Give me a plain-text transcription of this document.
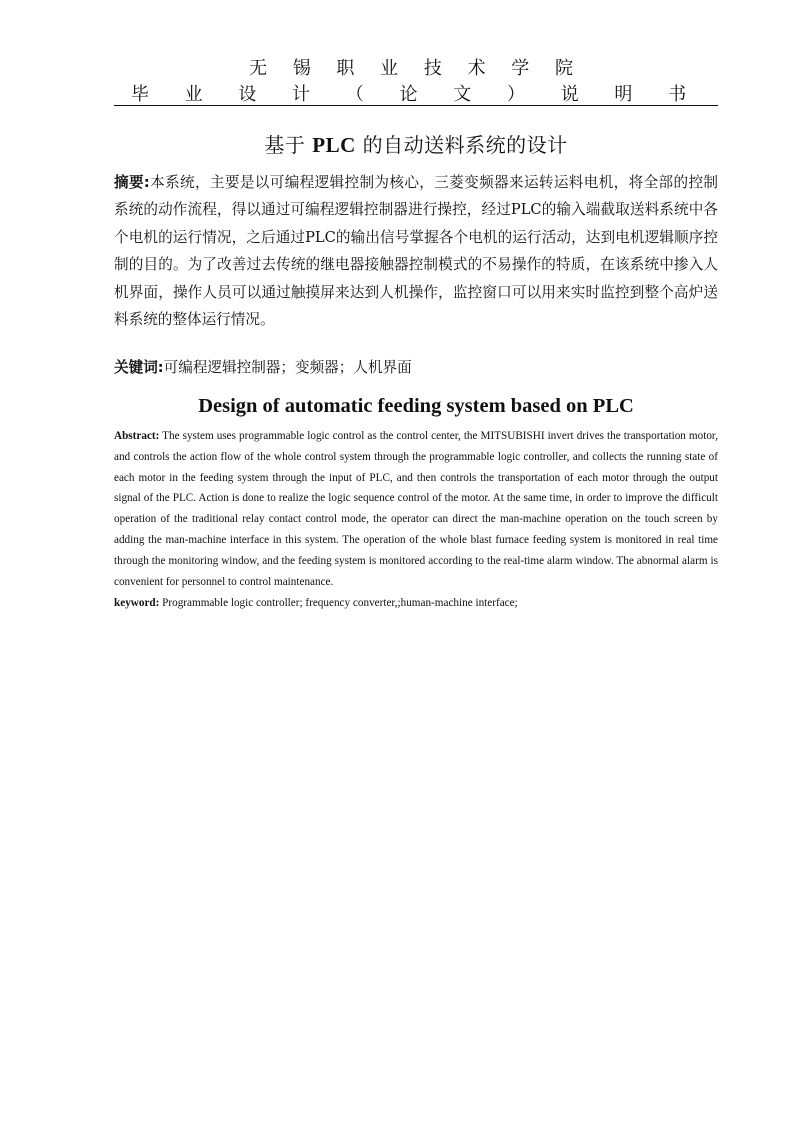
无 锡 职 业 技 术 学 院
毕 业 设 计 （ 论 文 ） 说 明 书
基于 PLC 的自动送料系统的设计
摘要:本系统，主要是以可编程逻辑控制为核心，三菱变频器来运转运料电机，将全部的控制系统的动作流程，得以通过可编程逻辑控制器进行操控，经过PLC的输入端截取送料系统中各个电机的运行情况，之后通过PLC的输出信号掌握各个电机的运行活动，达到电机逻辑顺序控制的目的。为了改善过去传统的继电器接触器控制模式的不易操作的特质，在该系统中掺入人机界面，操作人员可以通过触摸屏来达到人机操作，监控窗口可以用来实时监控到整个高炉送料系统的整体运行情况。
关键词:可编程逻辑控制器；变频器；人机界面
Design of automatic feeding system based on PLC
Abstract: The system uses programmable logic control as the control center, the MITSUBISHI invert drives the transportation motor, and controls the action flow of the whole control system through the programmable logic controller, and collects the running state of each motor in the feeding system through the input of PLC, and then controls the transportation of each motor through the output signal of the PLC. Action is done to realize the logic sequence control of the motor. At the same time, in order to improve the difficult operation of the traditional relay contact control mode, the operator can direct the man-machine operation on the touch screen by adding the man-machine interface in this system. The operation of the whole blast furnace feeding system is monitored in real time through the monitoring window, and the feeding system is monitored according to the real-time alarm window. The abnormal alarm is convenient for personnel to control maintenance.
keyword: Programmable logic controller; frequency converter,;human-machine interface;
